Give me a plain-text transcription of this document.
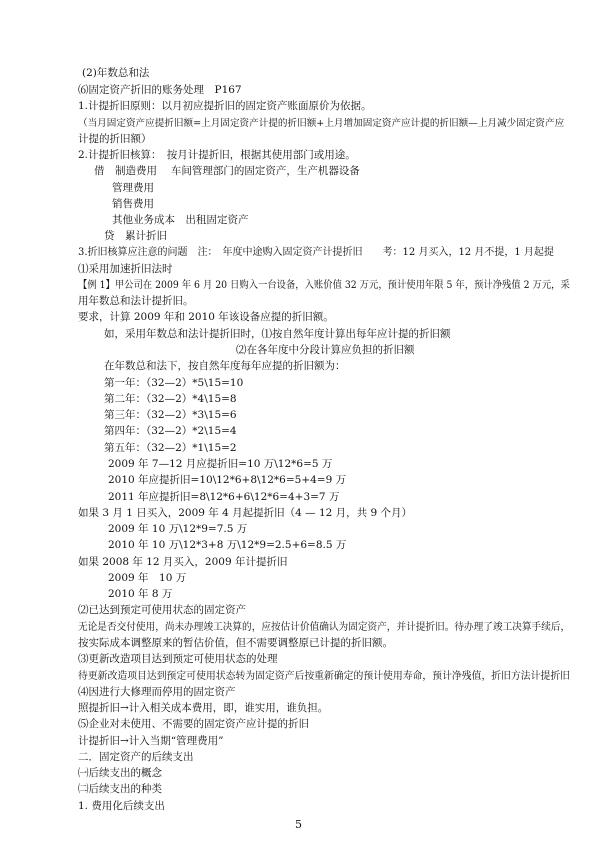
(2)年数总和法
⑹固定资产折旧的账务处理　P167
1.计提折旧原则：以月初应提折旧的固定资产账面原价为依据。
（当月固定资产应提折旧额=上月固定资产计提的折旧额+上月增加固定资产应计提的折旧额—上月减少固定资产应
计提的折旧额）
2.计提折旧核算：　按月计提折旧，根据其使用部门或用途。
借　制造费用　 车间管理部门的固定资产，生产机器设备
管理费用
销售费用
其他业务成本　出租固定资产
贷　累计折旧
3.折旧核算应注意的问题　注：　年度中途购入固定资产计提折旧　　考：12 月买入，12 月不提，1 月起提
⑴采用加速折旧法时
【例 1】甲公司在 2009 年 6 月 20 日购入一台设备，入账价值 32 万元，预计使用年限 5 年，预计净残值 2 万元，采
用年数总和法计提折旧。
要求，计算 2009 年和 2010 年该设备应提的折旧额。
如，采用年数总和法计提折旧时，⑴按自然年度计算出每年应计提的折旧额
⑵在各年度中分段计算应负担的折旧额
在年数总和法下，按自然年度每年应提的折旧额为：
第一年：（32—2）*5\15=10
第二年：（32—2）*4\15=8
第三年：（32—2）*3\15=6
第四年：（32—2）*2\15=4
第五年：（32—2）*1\15=2
2009 年 7—12 月应提折旧=10 万\12*6=5 万
2010 年应提折旧=10\12*6+8\12*6=5+4=9 万
2011 年应提折旧=8\12*6+6\12*6=4+3=7 万
如果 3 月 1 日买入，2009 年 4 月起提折旧（4 — 12 月，共 9 个月）
2009 年 10 万\12*9=7.5 万
2010 年 10 万\12*3+8 万\12*9=2.5+6=8.5 万
如果 2008 年 12 月买入，2009 年计提折旧
2009 年　10 万
2010 年 8 万
⑵已达到预定可使用状态的固定资产
无论是否交付使用，尚未办理竣工决算的，应按估计价值确认为固定资产，并计提折旧。待办理了竣工决算手续后，
按实际成本调整原来的暂估价值，但不需要调整原已计提的折旧额。
⑶更新改造项目达到预定可使用状态的处理
待更新改造项目达到预定可使用状态转为固定资产后按重新确定的预计使用寿命，预计净残值，折旧方法计提折旧
⑷因进行大修理而停用的固定资产
照提折旧→计入相关成本费用，即，谁实用，谁负担。
⑸企业对未使用、不需要的固定资产应计提的折旧
计提折旧→计入当期“管理费用”
二．固定资产的后续支出
㈠后续支出的概念
㈡后续支出的种类
1. 费用化后续支出
5
